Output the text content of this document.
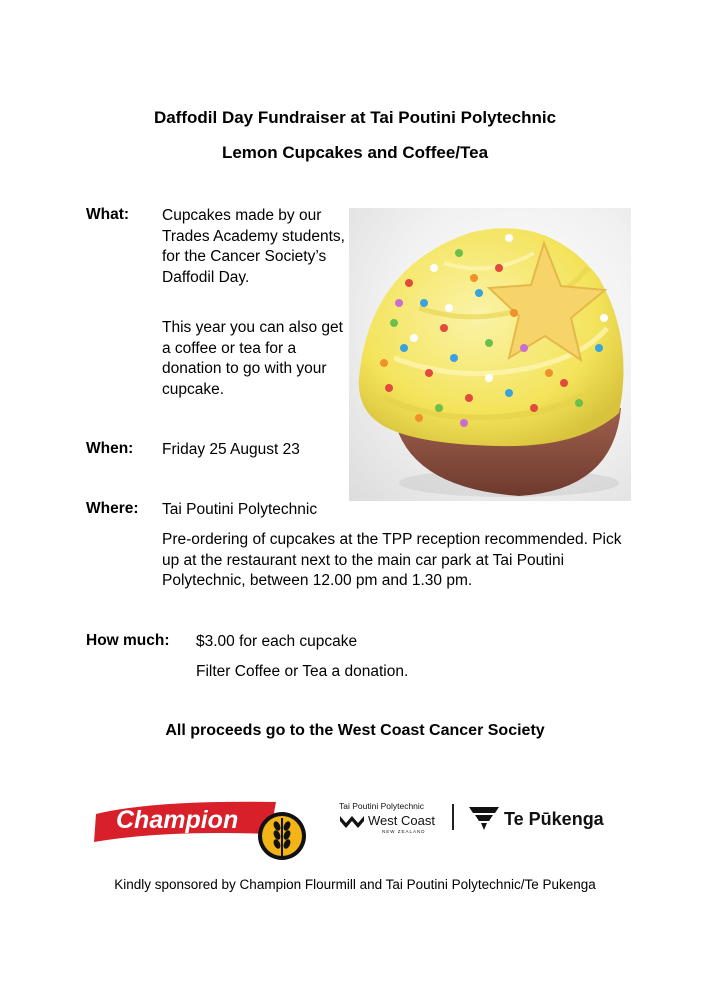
Daffodil Day Fundraiser at Tai Poutini Polytechnic
Lemon Cupcakes and Coffee/Tea
What: Cupcakes made by our Trades Academy students, for the Cancer Society’s Daffodil Day.

This year you can also get a coffee or tea for a donation to go with your cupcake.

When: Friday 25 August 23

Where: Tai Poutini Polytechnic

Pre-ordering of cupcakes at the TPP reception recommended. Pick up at the restaurant next to the main car park at Tai Poutini Polytechnic, between 12.00 pm and 1.30 pm.

How much: $3.00 for each cupcake

Filter Coffee or Tea a donation.

All proceeds go to the West Coast Cancer Society
Champion	Tai Poutini Polytechnic
West Coast
NEW ZEALAND
Te Pūkenga
Kindly sponsored by Champion Flourmill and Tai Poutini Polytechnic/Te Pukenga
